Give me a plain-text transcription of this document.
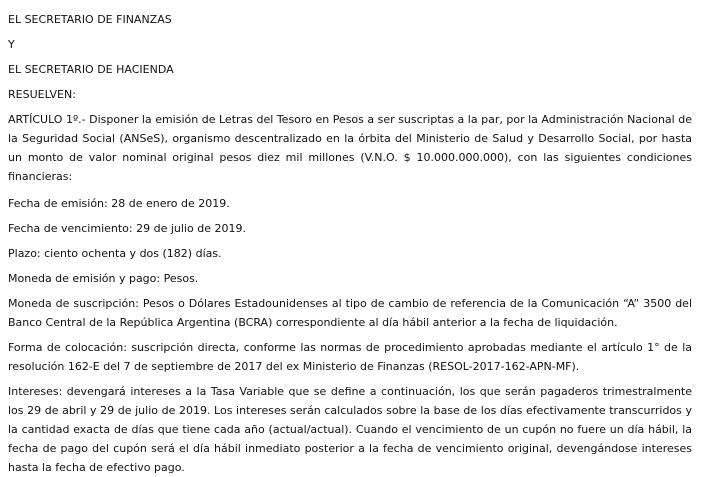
EL SECRETARIO DE FINANZAS

Y

EL SECRETARIO DE HACIENDA

RESUELVEN:

ARTÍCULO 1º.- Disponer la emisión de Letras del Tesoro en Pesos a ser suscriptas a la par, por la Administración Nacional de la Seguridad Social (ANSeS), organismo descentralizado en la órbita del Ministerio de Salud y Desarrollo Social, por hasta un monto de valor nominal original pesos diez mil millones (V.N.O. $ 10.000.000.000), con las siguientes condiciones financieras:

Fecha de emisión: 28 de enero de 2019.

Fecha de vencimiento: 29 de julio de 2019.

Plazo: ciento ochenta y dos (182) días.

Moneda de emisión y pago: Pesos.

Moneda de suscripción: Pesos o Dólares Estadounidenses al tipo de cambio de referencia de la Comunicación “A” 3500 del Banco Central de la República Argentina (BCRA) correspondiente al día hábil anterior a la fecha de liquidación.

Forma de colocación: suscripción directa, conforme las normas de procedimiento aprobadas mediante el artículo 1° de la resolución 162-E del 7 de septiembre de 2017 del ex Ministerio de Finanzas (RESOL-2017-162-APN-MF).

Intereses: devengará intereses a la Tasa Variable que se define a continuación, los que serán pagaderos trimestralmente los 29 de abril y 29 de julio de 2019. Los intereses serán calculados sobre la base de los días efectivamente transcurridos y la cantidad exacta de días que tiene cada año (actual/actual). Cuando el vencimiento de un cupón no fuere un día hábil, la fecha de pago del cupón será el día hábil inmediato posterior a la fecha de vencimiento original, devengándose intereses hasta la fecha de efectivo pago.
